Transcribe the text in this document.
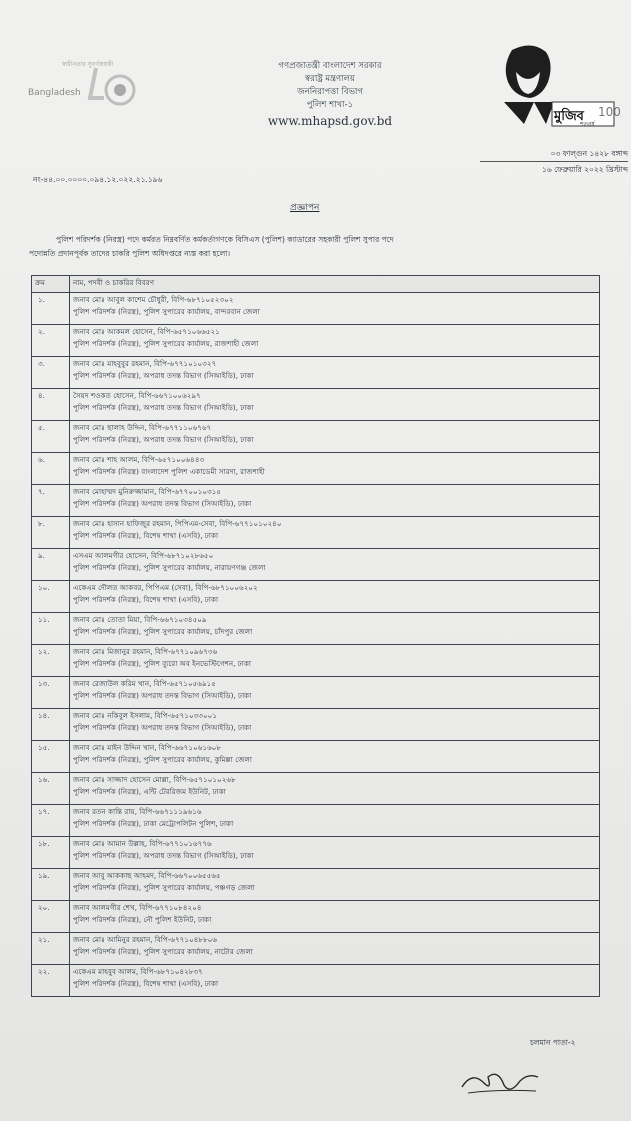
স্বাধীনতার সুবর্ণজয়ন্তী
Bangladesh
গণপ্রজাতন্ত্রী বাংলাদেশ সরকার
স্বরাষ্ট্র মন্ত্রণালয়
জননিরাপত্তা বিভাগ
পুলিশ শাখা-১
www.mhapsd.gov.bd	মুজিব 100
শতবর্ষ
০৩ ফাল্গুন ১৪২৮ বঙ্গাব্দ
১৬ ফেব্রুয়ারি ২০২২ খ্রিস্টাব্দ
নং-৪৪.০০.০০০০.০৯৪.১২.০২২.২১.১৯৬
প্রজ্ঞাপন
পুলিশ পরিদর্শক (নিরস্ত্র) পদে কর্মরত নিম্নবর্ণিত কর্মকর্তাগণকে বিসিএস (পুলিশ) ক্যাডারের সহকারী পুলিশ সুপার পদে
পদোন্নতি প্রদানপূর্বক তাদের চাকরি পুলিশ অধিদপ্তরে ন্যস্ত করা হলো।
ক্রম	নাম, পদবী ও চাকরির বিবরণ
১.	জনাব মোঃ আবুল কাশেম চৌধুরী, বিপি-৬৮৭১০৫২৩০২
পুলিশ পরিদর্শক (নিরস্ত্র), পুলিশ সুপারের কার্যালয়, বান্দরবান জেলা

২.	জনাব মোঃ আকমল হোসেন, বিপি-৬৫৭১০৬৬৫২১
পুলিশ পরিদর্শক (নিরস্ত্র), পুলিশ সুপারের কার্যালয়, রাজশাহী জেলা

৩.	জনাব মোঃ মাহবুবুর রহমান, বিপি-৬৭৭১০১০৩২৭
পুলিশ পরিদর্শক (নিরস্ত্র), অপরাধ তদন্ত বিভাগ (সিআইডি), ঢাকা

৪.	সৈয়দ শওকত হোসেন, বিপি-৬৬৭১০০৬২৯৭
পুলিশ পরিদর্শক (নিরস্ত্র), অপরাধ তদন্ত বিভাগ (সিআইডি), ঢাকা

৫.	জনাব মোঃ ছালাহ উদ্দিন, বিপি-৬৭৭১১০৬৭৬৭
পুলিশ পরিদর্শক (নিরস্ত্র), অপরাধ তদন্ত বিভাগ (সিআইডি), ঢাকা

৬.	জনাব মোঃ শাহ আলম, বিপি-৬৫৭১০০৬৪৪৩
পুলিশ পরিদর্শক (নিরস্ত্র) বাংলাদেশ পুলিশ একাডেমী সারদা, রাজশাহী

৭.	জনাব মোহাম্মদ মুনিরুজ্জামান, বিপি-৬৭৭০০১০৩১৫
পুলিশ পরিদর্শক (নিরস্ত্র) অপরাধ তদন্ত বিভাগ (সিআইডি), ঢাকা

৮.	জনাব মোঃ হাসান হাফিজুর রহমান, পিপিএম-সেবা, বিপি-৬৭৭১০১০২৪০
পুলিশ পরিদর্শক (নিরস্ত্র), বিশেষ শাখা (এসবি), ঢাকা

৯.	এসএম আলমগীর হোসেন, বিপি-৬৮৭১০২৮৬৫০
পুলিশ পরিদর্শক (নিরস্ত্র), পুলিশ সুপারের কার্যালয়, নারায়ণগঞ্জ জেলা

১০.	একেএম দৌলত আকবর, পিপিএম (সেবা), বিপি-৬৮৭১০০৬২০২
পুলিশ পরিদর্শক (নিরস্ত্র), বিশেষ শাখা (এসবি), ঢাকা

১১.	জনাব মোঃ তোতা মিয়া, বিপি-৬৬৭১০৩৪৫০৯
পুলিশ পরিদর্শক (নিরস্ত্র), পুলিশ সুপারের কার্যালয়, চাঁদপুর জেলা

১২.	জনাব মোঃ মিজানুর রহমান, বিপি-৬৭৭১০৯৬৭৩৬
পুলিশ পরিদর্শক (নিরস্ত্র), পুলিশ ব্যুরো অব ইনভেস্টিগেশন, ঢাকা

১৩.	জনাব রেজাউল করিম খান, বিপি-৬৫৭১০৫৬৯১৫
পুলিশ পরিদর্শক (নিরস্ত্র) অপরাধ তদন্ত বিভাগ (সিআইডি), ঢাকা

১৪.	জনাব মোঃ নকিবুল ইসলাম, বিপি-৬৫৭১০৩৩০০১
পুলিশ পরিদর্শক (নিরস্ত্র) অপরাধ তদন্ত বিভাগ (সিআইডি), ঢাকা

১৫.	জনাব মোঃ মাইন উদ্দিন খান, বিপি-৬৬৭১০৬১৬০৮
পুলিশ পরিদর্শক (নিরস্ত্র), পুলিশ সুপারের কার্যালয়, কুমিল্লা জেলা

১৬.	জনাব মোঃ সাজ্জাদ হোসেন মোল্লা, বিপি-৬৫৭১০১০২৬৮
পুলিশ পরিদর্শক (নিরস্ত্র), এন্টি টেররিজম ইউনিট, ঢাকা

১৭.	জনাব রতন কান্তি রায়, বিপি-৬৬৭১১১৯৬১৬
পুলিশ পরিদর্শক (নিরস্ত্র), ঢাকা মেট্রোপলিটন পুলিশ, ঢাকা

১৮.	জনাব মোঃ আমান উল্লাহ, বিপি-৬৭৭১০১৬৭৭৬
পুলিশ পরিদর্শক (নিরস্ত্র), অপরাধ তদন্ত বিভাগ (সিআইডি), ঢাকা

১৯.	জনাব আবু আককাছ আহমদ, বিপি-৬৬৭০০৬৫৫৬৫
পুলিশ পরিদর্শক (নিরস্ত্র), পুলিশ সুপারের কার্যালয়, পঞ্চগড় জেলা

২০.	জনাব আলমগীর শেখ, বিপি-৬৭৭১০৮৪২০৪
পুলিশ পরিদর্শক (নিরস্ত্র), নৌ পুলিশ ইউনিট, ঢাকা

২১.	জনাব মোঃ আমিনুর রহমান, বিপি-৬৭৭১০৪৮৮০৬
পুলিশ পরিদর্শক (নিরস্ত্র), পুলিশ সুপারের কার্যালয়, নাটোর জেলা

২২.	একেএম মাহবুব আলম, বিপি-৬৮৭১০৪২৮৩৭
পুলিশ পরিদর্শক (নিরস্ত্র), বিশেষ শাখা (এসবি), ঢাকা
চলমান পাতা-২
